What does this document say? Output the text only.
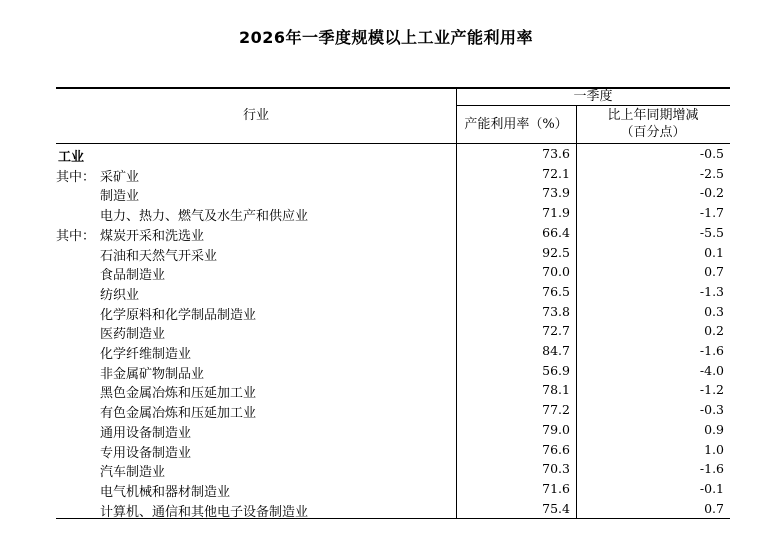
2026年一季度规模以上工业产能利用率
行业
一季度
产能利用率（%）
比上年同期增减
（百分点）
工业	73.6	-0.5
其中： 采矿业	72.1	-2.5
制造业	73.9	-0.2
电力、热力、燃气及水生产和供应业	71.9	-1.7
其中： 煤炭开采和洗选业	66.4	-5.5
石油和天然气开采业	92.5	0.1
食品制造业	70.0	0.7
纺织业	76.5	-1.3
化学原料和化学制品制造业	73.8	0.3
医药制造业	72.7	0.2
化学纤维制造业	84.7	-1.6
非金属矿物制品业	56.9	-4.0
黑色金属冶炼和压延加工业	78.1	-1.2
有色金属冶炼和压延加工业	77.2	-0.3
通用设备制造业	79.0	0.9
专用设备制造业	76.6	1.0
汽车制造业	70.3	-1.6
电气机械和器材制造业	71.6	-0.1
计算机、通信和其他电子设备制造业	75.4	0.7
